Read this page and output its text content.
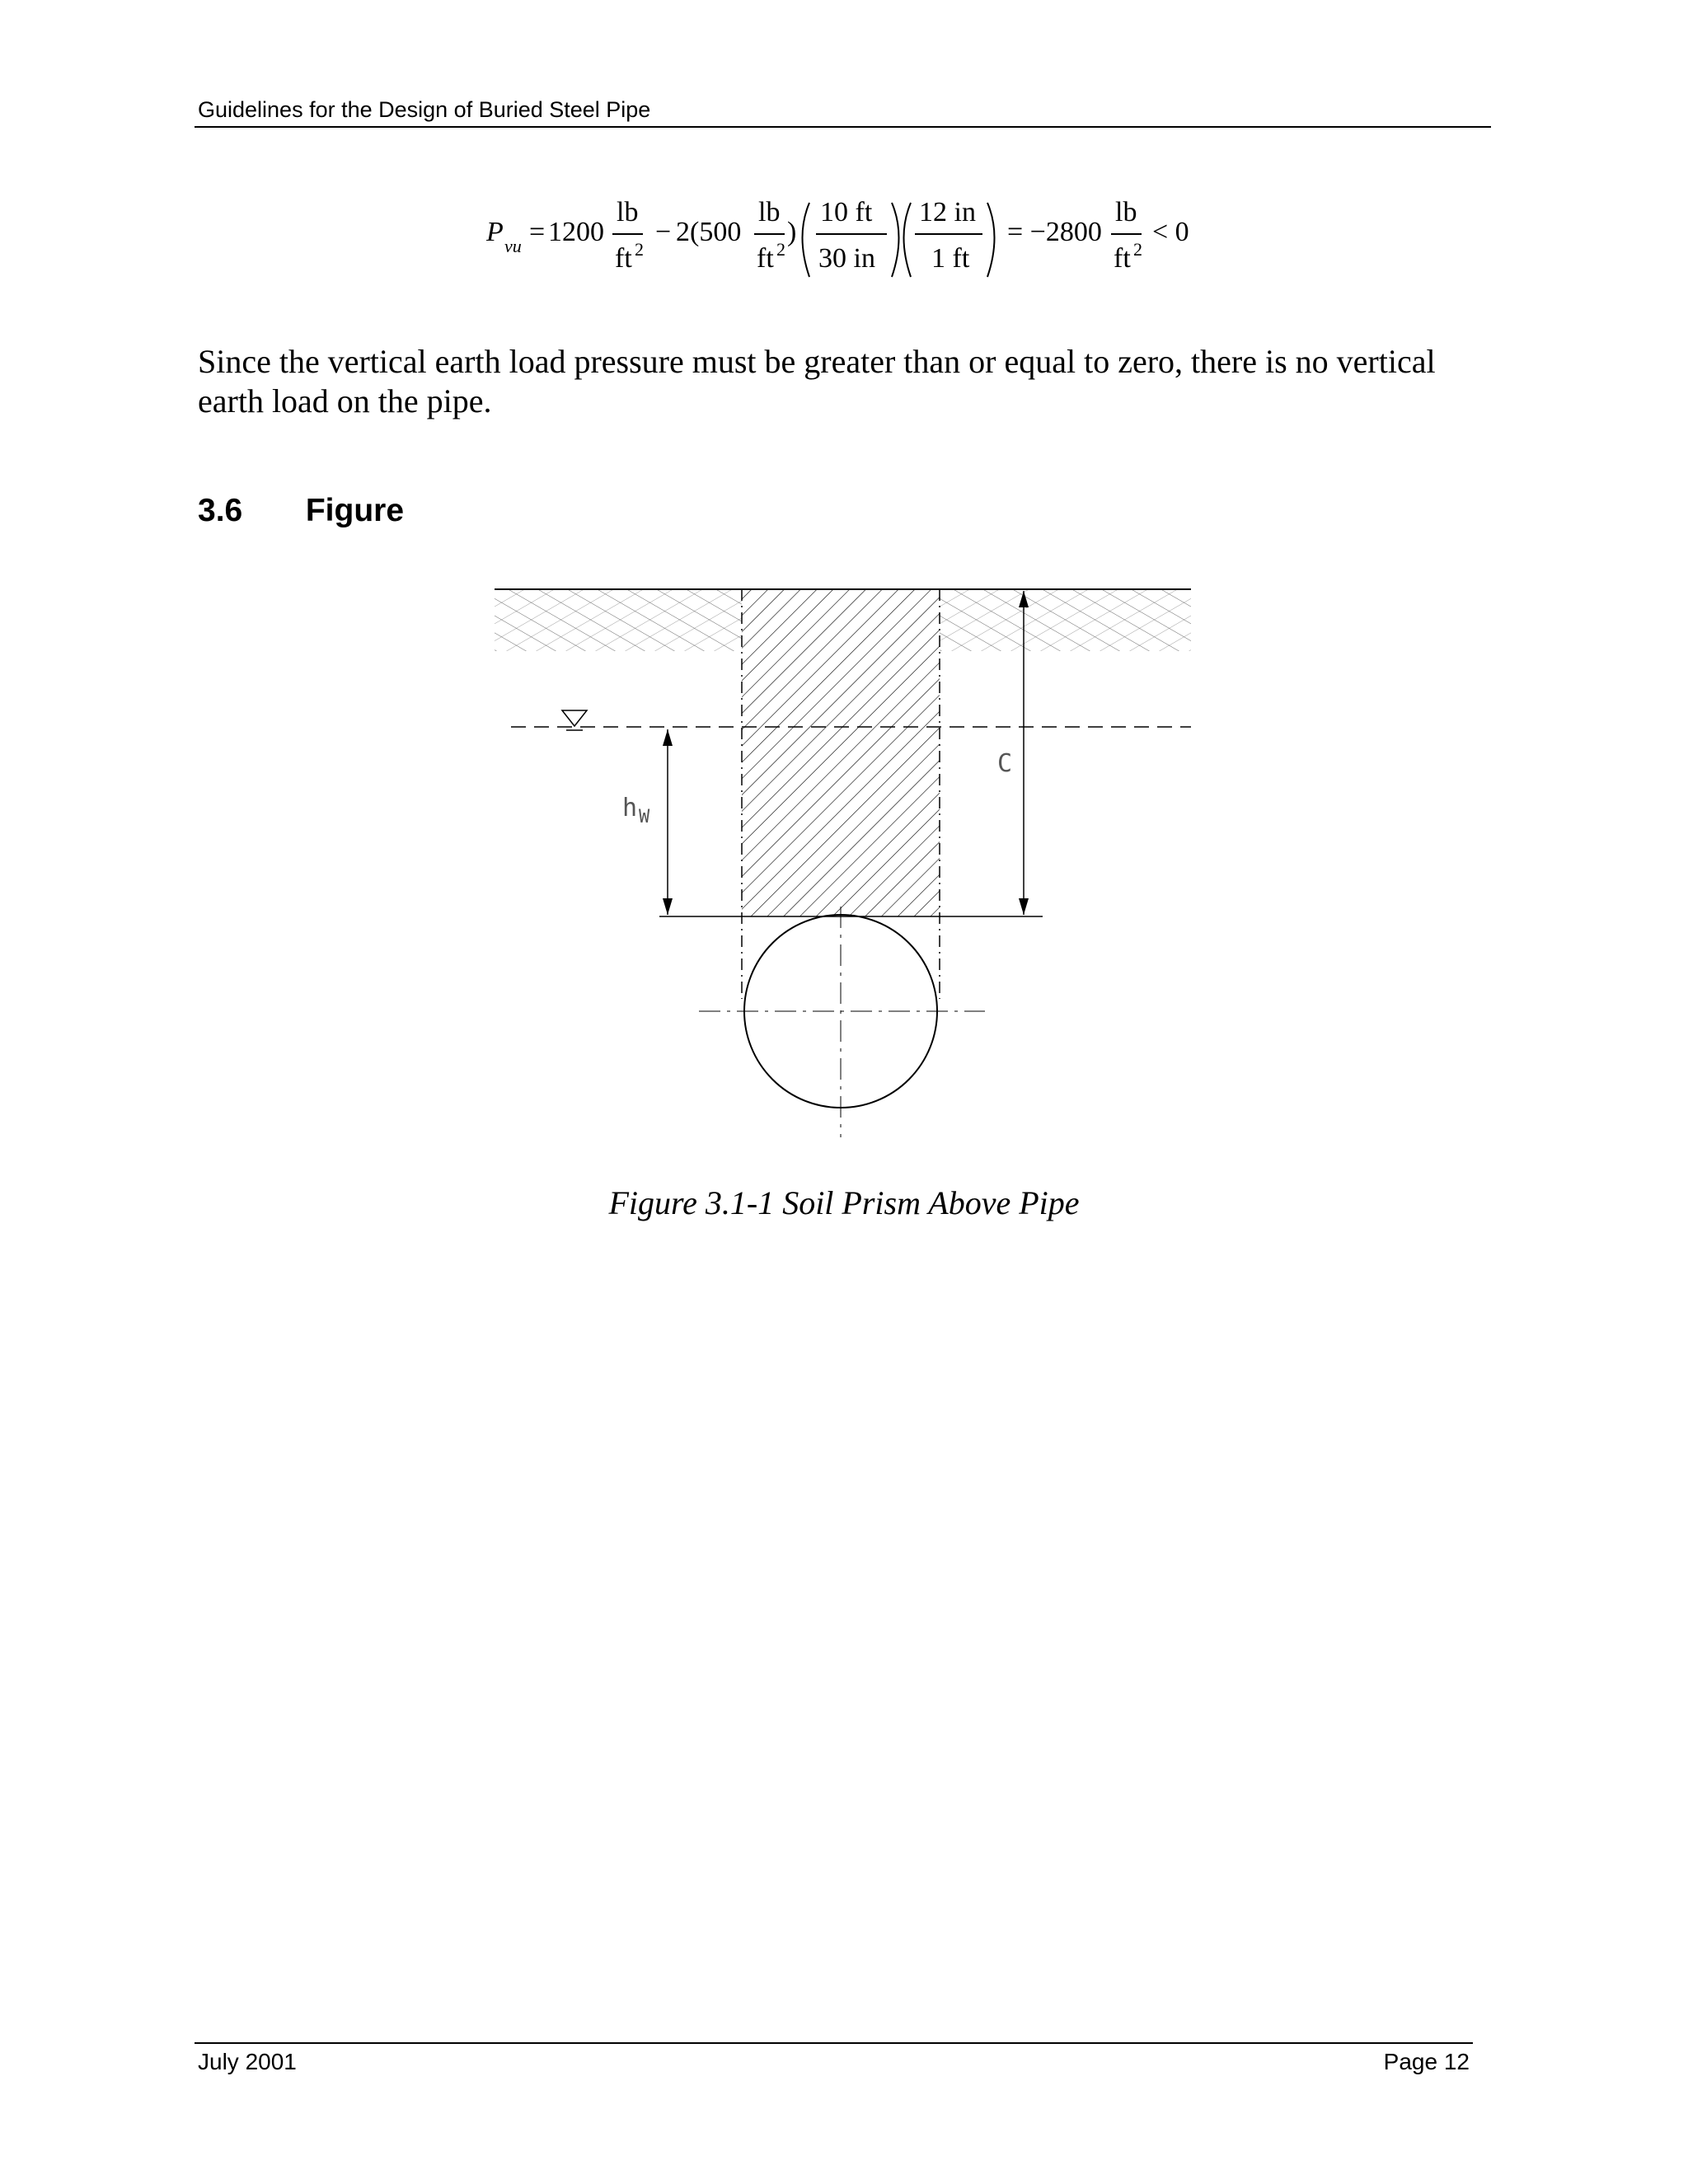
Guidelines for the Design of Buried Steel Pipe
P vu = 1200
lb
ft 2
− 2(500
lb
ft 2
)
10 ft
30 in
12 in
1 ft
= −2800
lb
ft 2
< 0

Since the vertical earth load pressure must be greater than or equal to zero, there is no vertical earth load on the pipe.

3.6 Figure
h W
C
Figure 3.1-1 Soil Prism Above Pipe
July 2001	Page 12
